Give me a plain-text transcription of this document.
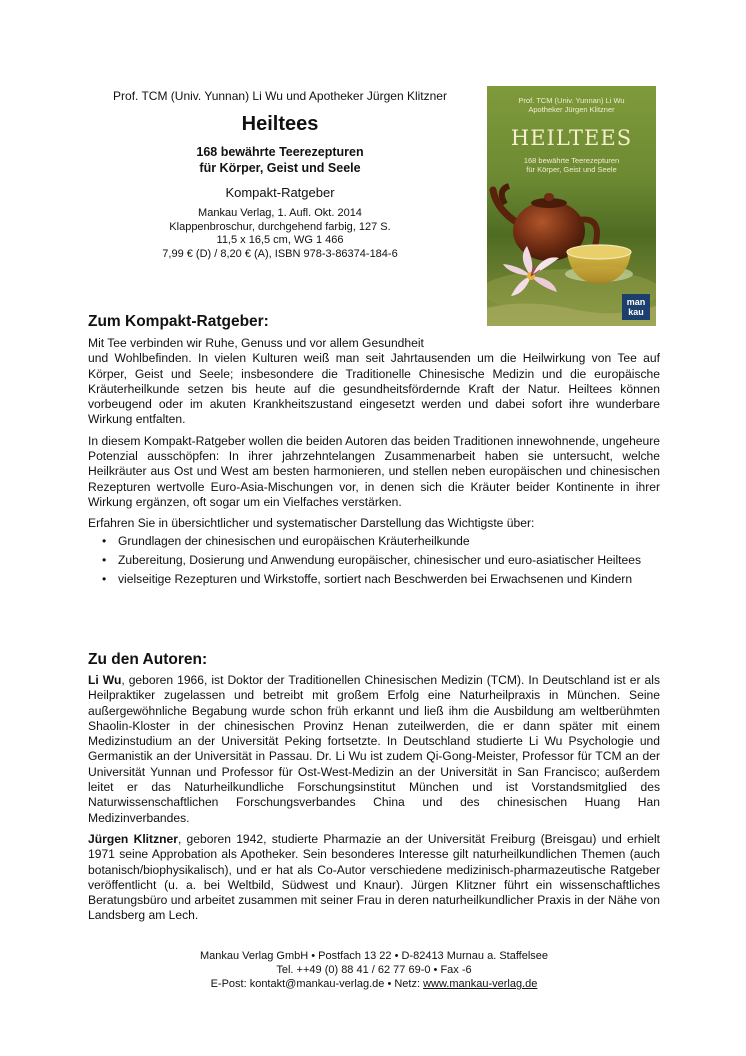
Prof. TCM (Univ. Yunnan) Li Wu und Apotheker Jürgen Klitzner
Heiltees
168 bewährte Teerezepturen
für Körper, Geist und Seele
Kompakt-Ratgeber
Mankau Verlag, 1. Aufl. Okt. 2014
Klappenbroschur, durchgehend farbig, 127 S.
11,5 x 16,5 cm, WG 1 466
7,99 € (D) / 8,20 € (A), ISBN 978-3-86374-184-6
Prof. TCM (Univ. Yunnan) Li Wu
Apotheker Jürgen Klitzner
HEILTEES
168 bewährte Teerezepturen
für Körper, Geist und Seele
man
kau
Zum Kompakt-Ratgeber:

Mit Tee verbinden wir Ruhe, Genuss und vor allem Gesundheit

und Wohlbefinden. In vielen Kulturen weiß man seit Jahrtausenden um die Heilwirkung von Tee auf Körper, Geist und Seele; insbesondere die Traditionelle Chinesische Medizin und die europäische Kräuterheilkunde setzen bis heute auf die gesundheitsfördernde Kraft der Natur. Heiltees können vorbeugend oder im akuten Krankheitszustand eingesetzt werden und dabei sofort ihre wunderbare Wirkung entfalten.

In diesem Kompakt-Ratgeber wollen die beiden Autoren das beiden Traditionen innewohnende, ungeheure Potenzial ausschöpfen: In ihrer jahrzehntelangen Zusammenarbeit haben sie untersucht, welche Heilkräuter aus Ost und West am besten harmonieren, und stellen neben europäischen und chinesischen Rezepturen wertvolle Euro-Asia-Mischungen vor, in denen sich die Kräuter beider Kontinente in ihrer Wirkung ergänzen, oft sogar um ein Vielfaches verstärken.

Erfahren Sie in übersichtlicher und systematischer Darstellung das Wichtigste über:

• Grundlagen der chinesischen und europäischen Kräuterheilkunde
• Zubereitung, Dosierung und Anwendung europäischer, chinesischer und euro-asiatischer Heiltees
• vielseitige Rezepturen und Wirkstoffe, sortiert nach Beschwerden bei Erwachsenen und Kindern
Zu den Autoren:

Li Wu, geboren 1966, ist Doktor der Traditionellen Chinesischen Medizin (TCM). In Deutschland ist er als Heilpraktiker zugelassen und betreibt mit großem Erfolg eine Naturheilpraxis in München. Seine außergewöhnliche Begabung wurde schon früh erkannt und ließ ihm die Ausbildung am weltberühmten Shaolin-Kloster in der chinesischen Provinz Henan zuteilwerden, die er dann später mit einem Medizinstudium an der Universität Peking fortsetzte. In Deutschland studierte Li Wu Psychologie und Germanistik an der Universität in Passau. Dr. Li Wu ist zudem Qi-Gong-Meister, Professor für TCM an der Universität Yunnan und Professor für Ost-West-Medizin an der Universität in San Francisco; außerdem leitet er das Naturheilkundliche Forschungsinstitut München und ist Vorstandsmitglied des Naturwissenschaftlichen Forschungsverbandes China und des chinesischen Huang Han Medizinverbandes.

Jürgen Klitzner, geboren 1942, studierte Pharmazie an der Universität Freiburg (Breisgau) und erhielt 1971 seine Approbation als Apotheker. Sein besonderes Interesse gilt naturheilkundlichen Themen (auch botanisch/biophysikalisch), und er hat als Co-Autor verschiedene medizinisch-pharmazeutische Ratgeber veröffentlicht (u. a. bei Weltbild, Südwest und Knaur). Jürgen Klitzner führt ein wissenschaftliches Beratungsbüro und arbeitet zusammen mit seiner Frau in deren naturheilkundlicher Praxis in der Nähe von Landsberg am Lech.

Mankau Verlag GmbH • Postfach 13 22 • D-82413 Murnau a. Staffelsee
Tel. ++49 (0) 88 41 / 62 77 69-0 • Fax -6
E-Post: kontakt@mankau-verlag.de • Netz: www.mankau-verlag.de
